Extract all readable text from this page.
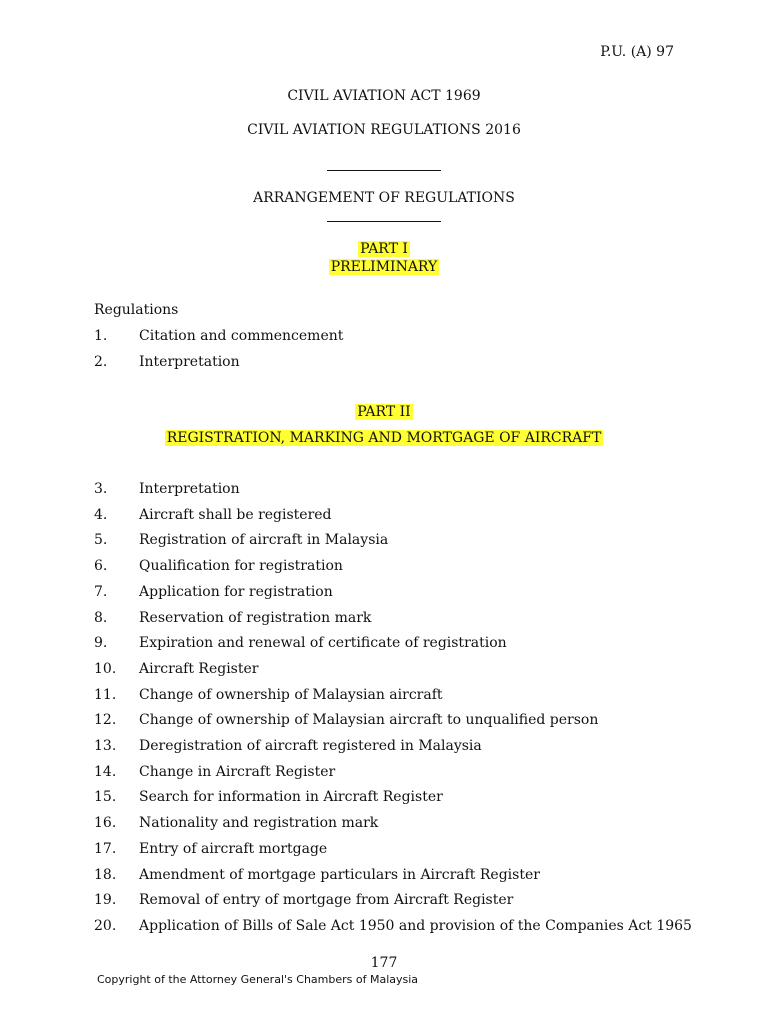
P.U. (A) 97
CIVIL AVIATION ACT 1969
CIVIL AVIATION REGULATIONS 2016
ARRANGEMENT OF REGULATIONS
PART I
PRELIMINARY
Regulations
1. Citation and commencement
2. Interpretation
PART II
REGISTRATION, MARKING AND MORTGAGE OF AIRCRAFT
3. Interpretation
4. Aircraft shall be registered
5. Registration of aircraft in Malaysia
6. Qualification for registration
7. Application for registration
8. Reservation of registration mark
9. Expiration and renewal of certificate of registration
10. Aircraft Register
11. Change of ownership of Malaysian aircraft
12. Change of ownership of Malaysian aircraft to unqualified person
13. Deregistration of aircraft registered in Malaysia
14. Change in Aircraft Register
15. Search for information in Aircraft Register
16. Nationality and registration mark
17. Entry of aircraft mortgage
18. Amendment of mortgage particulars in Aircraft Register
19. Removal of entry of mortgage from Aircraft Register
20. Application of Bills of Sale Act 1950 and provision of the Companies Act 1965
177
Copyright of the Attorney General's Chambers of Malaysia
